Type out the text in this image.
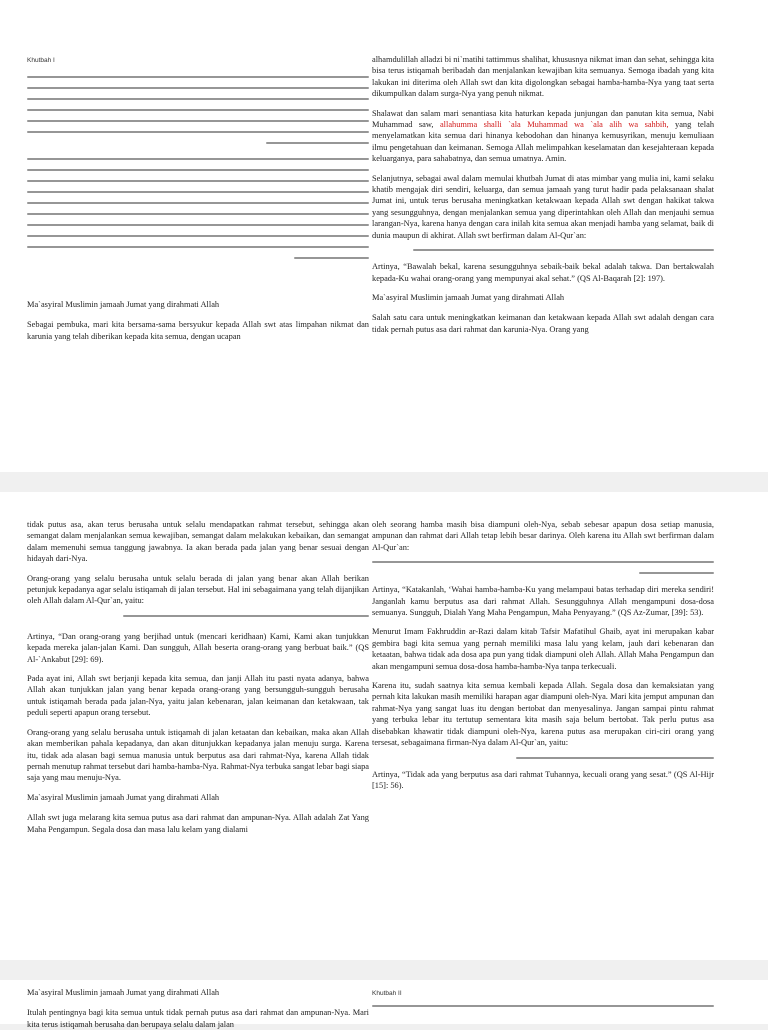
Khutbah I
Ma`asyiral Muslimin jamaah Jumat yang dirahmati Allah
Sebagai pembuka, mari kita bersama-sama bersyukur kepada Allah swt atas limpahan nikmat dan karunia yang telah diberikan kepada kita semua, dengan ucapan
alhamdulillah alladzi bi ni`matihi tattimmus shalihat, khususnya nikmat iman dan sehat, sehingga kita bisa terus istiqamah beribadah dan menjalankan kewajiban kita semuanya. Semoga ibadah yang kita lakukan ini diterima oleh Allah swt dan kita digolongkan sebagai hamba-hamba-Nya yang taat serta dikumpulkan dalam surga-Nya yang penuh nikmat.
Shalawat dan salam mari senantiasa kita haturkan kepada junjungan dan panutan kita semua, Nabi Muhammad saw, allahumma shalli `ala Muhammad wa `ala alih wa sahbih, yang telah menyelamatkan kita semua dari hinanya kebodohan dan hinanya kemusyrikan, menuju kemuliaan ilmu pengetahuan dan keimanan. Semoga Allah melimpahkan keselamatan dan kesejahteraan kepada keluarganya, para sahabatnya, dan semua umatnya. Amin.
Selanjutnya, sebagai awal dalam memulai khutbah Jumat di atas mimbar yang mulia ini, kami selaku khatib mengajak diri sendiri, keluarga, dan semua jamaah yang turut hadir pada pelaksanaan shalat Jumat ini, untuk terus berusaha meningkatkan ketakwaan kepada Allah swt dengan hakikat takwa yang sesungguhnya, dengan menjalankan semua yang diperintahkan oleh Allah dan menjauhi semua larangan-Nya, karena hanya dengan cara inilah kita semua akan menjadi hamba yang selamat, baik di dunia maupun di akhirat. Allah swt berfirman dalam Al-Qur`an:
Artinya, “Bawalah bekal, karena sesungguhnya sebaik-baik bekal adalah takwa. Dan bertakwalah kepada-Ku wahai orang-orang yang mempunyai akal sehat.” (QS Al-Baqarah [2]: 197).
Ma`asyiral Muslimin jamaah Jumat yang dirahmati Allah
Salah satu cara untuk meningkatkan keimanan dan ketakwaan kepada Allah swt adalah dengan cara tidak pernah putus asa dari rahmat dan karunia-Nya. Orang yang
tidak putus asa, akan terus berusaha untuk selalu mendapatkan rahmat tersebut, sehingga akan semangat dalam menjalankan semua kewajiban, semangat dalam melakukan kebaikan, dan semangat dalam memenuhi semua tanggung jawabnya. Ia akan berada pada jalan yang benar sesuai dengan hidayah dari-Nya.
Orang-orang yang selalu berusaha untuk selalu berada di jalan yang benar akan Allah berikan petunjuk kepadanya agar selalu istiqamah di jalan tersebut. Hal ini sebagaimana yang telah dijanjikan oleh Allah dalam Al-Qur`an, yaitu:
Artinya, “Dan orang-orang yang berjihad untuk (mencari keridhaan) Kami, Kami akan tunjukkan kepada mereka jalan-jalan Kami. Dan sungguh, Allah beserta orang-orang yang berbuat baik.” (QS Al-`Ankabut [29]: 69).
Pada ayat ini, Allah swt berjanji kepada kita semua, dan janji Allah itu pasti nyata adanya, bahwa Allah akan tunjukkan jalan yang benar kepada orang-orang yang bersungguh-sungguh berusaha untuk istiqamah berada pada jalan-Nya, yaitu jalan kebenaran, jalan keimanan dan ketakwaan, tak peduli seperti apapun orang tersebut.
Orang-orang yang selalu berusaha untuk istiqamah di jalan ketaatan dan kebaikan, maka akan Allah akan memberikan pahala kepadanya, dan akan ditunjukkan kepadanya jalan menuju surga. Karena itu, tidak ada alasan bagi semua manusia untuk berputus asa dari rahmat-Nya, karena Allah tidak pernah menutup rahmat tersebut dari hamba-hamba-Nya. Rahmat-Nya terbuka sangat lebar bagi siapa saja yang mau menuju-Nya.
Ma`asyiral Muslimin jamaah Jumat yang dirahmati Allah
Allah swt juga melarang kita semua putus asa dari rahmat dan ampunan-Nya. Allah adalah Zat Yang Maha Pengampun. Segala dosa dan masa lalu kelam yang dialami
oleh seorang hamba masih bisa diampuni oleh-Nya, sebab sebesar apapun dosa setiap manusia, ampunan dan rahmat dari Allah tetap lebih besar darinya. Oleh karena itu Allah swt berfirman dalam Al-Qur`an:
Artinya, “Katakanlah, ‘Wahai hamba-hamba-Ku yang melampaui batas terhadap diri mereka sendiri! Janganlah kamu berputus asa dari rahmat Allah. Sesungguhnya Allah mengampuni dosa-dosa semuanya. Sungguh, Dialah Yang Maha Pengampun, Maha Penyayang.” (QS Az-Zumar, [39]: 53).
Menurut Imam Fakhruddin ar-Razi dalam kitab Tafsir Mafatihul Ghaib, ayat ini merupakan kabar gembira bagi kita semua yang pernah memiliki masa lalu yang kelam, jauh dari kebenaran dan ketaatan, bahwa tidak ada dosa apa pun yang tidak diampuni oleh Allah. Allah Maha Pengampun dan akan mengampuni semua dosa-dosa hamba-hamba-Nya tanpa terkecuali.
Karena itu, sudah saatnya kita semua kembali kepada Allah. Segala dosa dan kemaksiatan yang pernah kita lakukan masih memiliki harapan agar diampuni oleh-Nya. Mari kita jemput ampunan dan rahmat-Nya yang sangat luas itu dengan bertobat dan menyesalinya. Jangan sampai pintu rahmat yang terbuka lebar itu tertutup sementara kita masih saja belum bertobat. Tak perlu putus asa disebabkan khawatir tidak diampuni oleh-Nya, karena putus asa merupakan ciri-ciri orang yang tersesat, sebagaimana firman-Nya dalam Al-Qur`an, yaitu:
Artinya, “Tidak ada yang berputus asa dari rahmat Tuhannya, kecuali orang yang sesat.” (QS Al-Hijr [15]: 56).
Ma`asyiral Muslimin jamaah Jumat yang dirahmati Allah
Itulah pentingnya bagi kita semua untuk tidak pernah putus asa dari rahmat dan ampunan-Nya. Mari kita terus istiqamah berusaha dan berupaya selalu dalam jalan
Khutbah II
